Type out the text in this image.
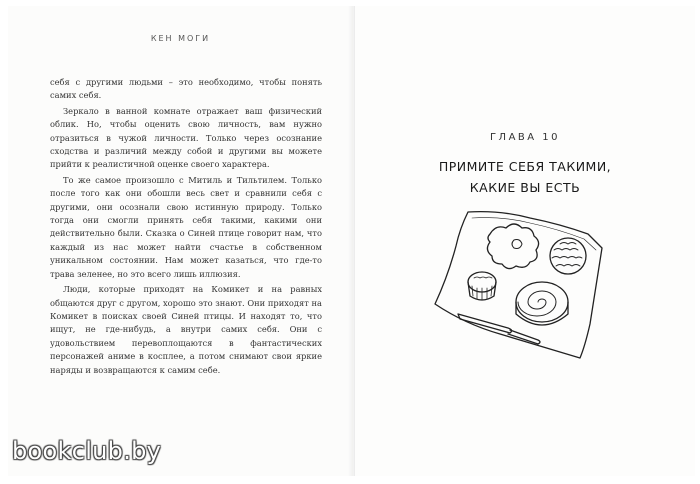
КЕН МОГИ

себя с другими людьми – это необходимо, чтобы понять самих себя.

Зеркало в ванной комнате отражает ваш физический облик. Но, чтобы оценить свою личность, вам нужно отразиться в чужой личности. Только через осознание сходства и различий между собой и другими вы можете прийти к реалистичной оценке своего характера.

То же самое произошло с Митиль и Тильтилем. Только после того как они обошли весь свет и сравнили себя с другими, они осознали свою истинную природу. Только тогда они смогли принять себя такими, какими они действительно были. Сказка о Синей птице говорит нам, что каждый из нас может найти счастье в собственном уникальном состоянии. Нам может казаться, что где-то трава зеленее, но это всего лишь иллюзия.

Люди, которые приходят на Комикет и на равных общаются друг с другом, хорошо это знают. Они приходят на Комикет в поисках своей Синей птицы. И находят то, что ищут, не где-нибудь, а внутри самих себя. Они с удовольствием перевоплощаются в фантастических персонажей аниме в косплее, а потом снимают свои яркие наряды и возвращаются к самим себе.

ГЛАВА 10
ПРИМИТЕ СЕБЯ ТАКИМИ,
КАКИЕ ВЫ ЕСТЬ
bookclub.by
